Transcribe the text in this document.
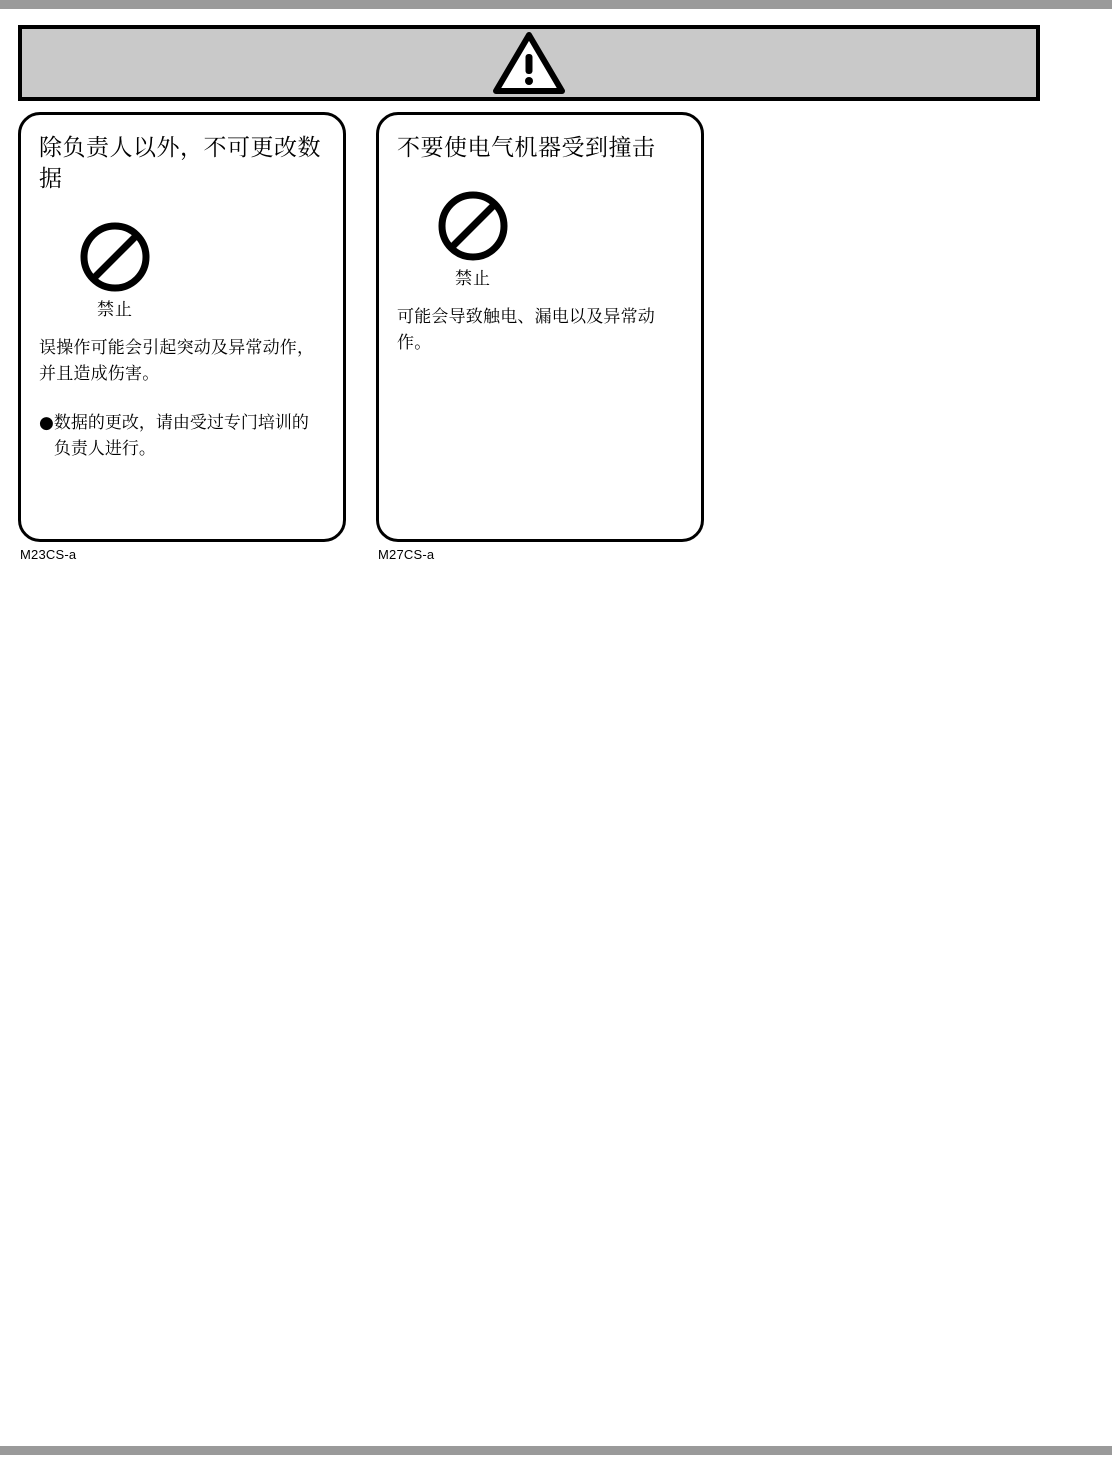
除负责人以外，不可更改数据
禁止
误操作可能会引起突动及异常动作，并且造成伤害。
● 数据的更改，请由受过专门培训的负责人进行。
M23CS-a
不要使电气机器受到撞击
禁止
可能会导致触电、漏电以及异常动作。
M27CS-a
